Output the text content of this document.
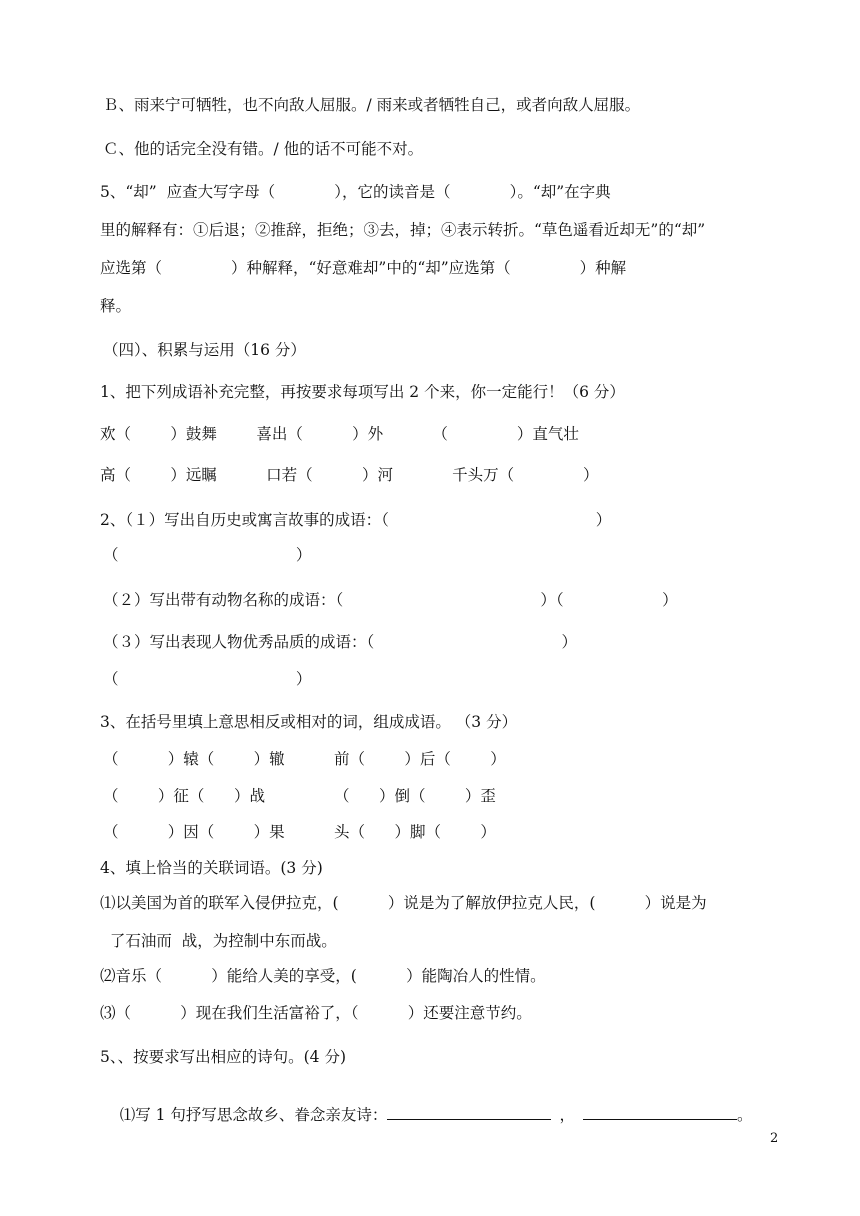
Ｂ、雨来宁可牺牲，也不向敌人屈服。/ 雨来或者牺牲自己，或者向敌人屈服。
Ｃ、他的话完全没有错。/ 他的话不可能不对。
5、“却”  应查大写字母（            ），它的读音是（            ）。“却”在字典
里的解释有：①后退；②推辞，拒绝；③去，掉；④表示转折。“草色遥看近却无”的“却”
应选第（              ）种解释，“好意难却”中的“却”应选第（              ）种解
释。
（四）、积累与运用（16 分）
1、把下列成语补充完整，再按要求每项写出 2 个来，你一定能行！（6 分）
欢（        ）鼓舞        喜出（          ）外          （              ）直气壮
高（        ）远瞩          口若（          ）河            千头万（              ）
2、（１）写出自历史或寓言故事的成语：（                                          ）
（                                    ）
（２）写出带有动物名称的成语：（                                        ）（                    ）
（３）写出表现人物优秀品质的成语：（                                      ）
（                                    ）
3、在括号里填上意思相反或相对的词，组成成语。 （3 分）
（          ）辕（        ）辙          前（        ）后（        ）
（        ）征（      ）战              （      ）倒（        ）歪
（          ）因（        ）果          头（      ）脚（        ）
4、填上恰当的关联词语。(3 分)
⑴以美国为首的联军入侵伊拉克，(          ）说是为了解放伊拉克人民，(          ）说是为
了石油而  战，为控制中东而战。
⑵音乐（          ）能给人美的享受，(          ）能陶冶人的性情。
⑶（          ）现在我们生活富裕了，（          ）还要注意节约。
5、、按要求写出相应的诗句。(4 分)

⑴写 1 句抒写思念故乡、眷念亲友诗：	，	。

2
